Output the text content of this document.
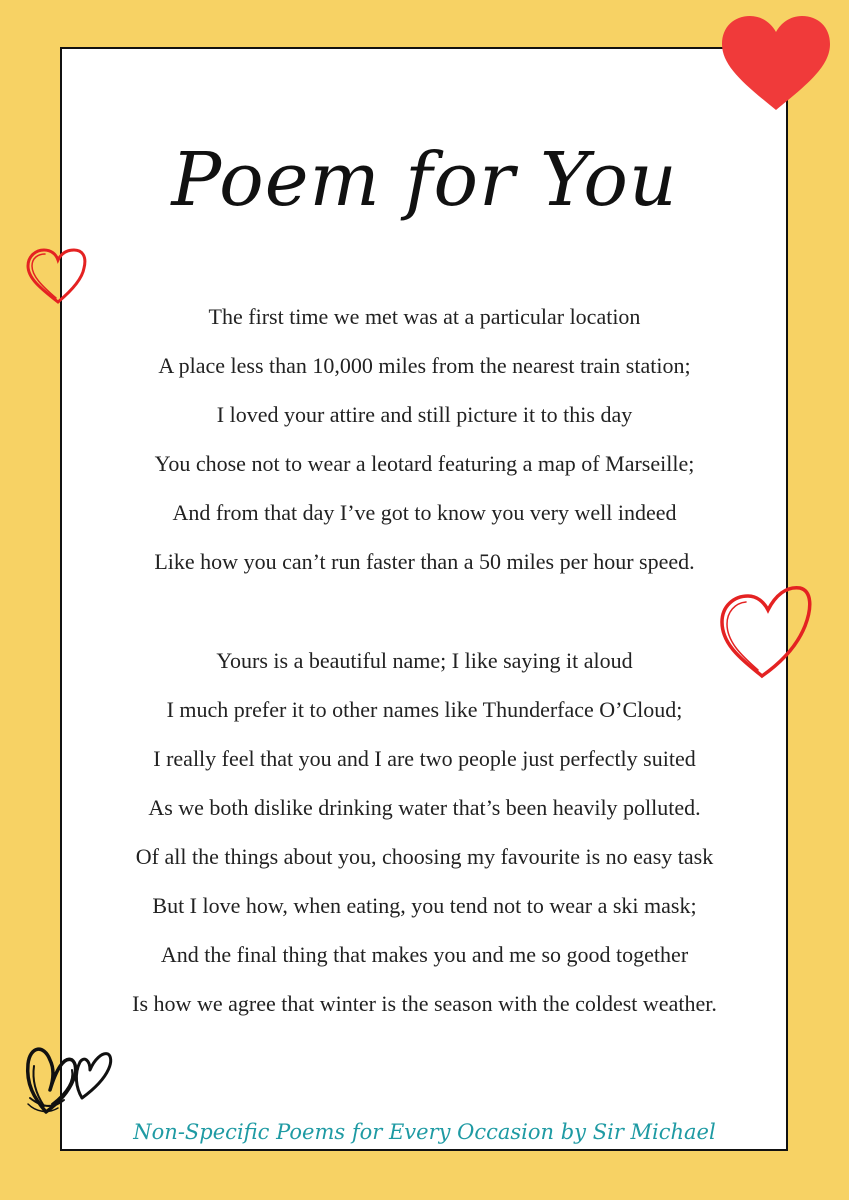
Poem for You
The first time we met was at a particular location
A place less than 10,000 miles from the nearest train station;
I loved your attire and still picture it to this day
You chose not to wear a leotard featuring a map of Marseille;
And from that day I’ve got to know you very well indeed
Like how you can’t run faster than a 50 miles per hour speed.
Yours is a beautiful name; I like saying it aloud
I much prefer it to other names like Thunderface O’Cloud;
I really feel that you and I are two people just perfectly suited
As we both dislike drinking water that’s been heavily polluted.
Of all the things about you, choosing my favourite is no easy task
But I love how, when eating, you tend not to wear a ski mask;
And the final thing that makes you and me so good together
Is how we agree that winter is the season with the coldest weather.
Non-Specific Poems for Every Occasion by Sir Michael
